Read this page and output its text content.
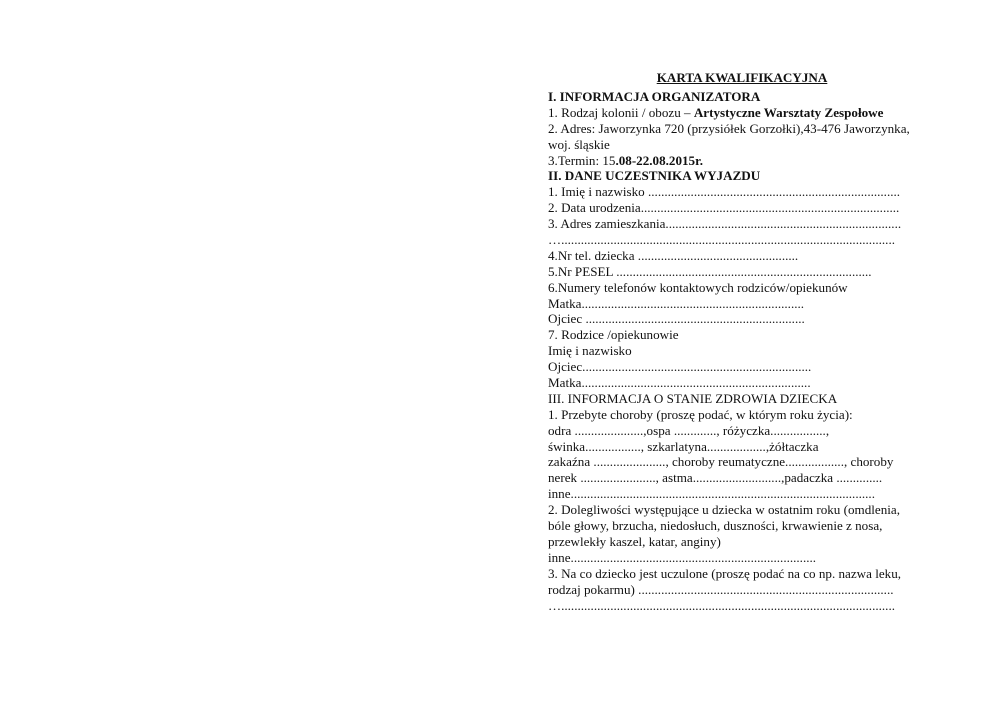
KARTA KWALIFIKACYJNA
I. INFORMACJA ORGANIZATORA
1. Rodzaj kolonii / obozu – Artystyczne Warsztaty Zespołowe
2. Adres: Jaworzynka 720 (przysiółek Gorzołki),43-476 Jaworzynka,
woj. śląskie
3.Termin: 15.08-22.08.2015r.
II. DANE UCZESTNIKA WYJAZDU
1. Imię i nazwisko .............................................................................
2. Data urodzenia...............................................................................
3. Adres zamieszkania........................................................................
…......................................................................................................
4.Nr tel. dziecka .................................................
5.Nr PESEL ..............................................................................
6.Numery telefonów kontaktowych rodziców/opiekunów
Matka....................................................................
Ojciec ...................................................................
7. Rodzice /opiekunowie
Imię i nazwisko
Ojciec......................................................................
Matka......................................................................
III. INFORMACJA O STANIE ZDROWIA DZIECKA
1. Przebyte choroby (proszę podać, w którym roku życia):
odra .....................,ospa ............., różyczka.................,
świnka................., szkarlatyna..................,żółtaczka
zakaźna ......................, choroby reumatyczne.................., choroby
nerek ......................., astma...........................,padaczka ..............
inne.............................................................................................
2. Dolegliwości występujące u dziecka w ostatnim roku (omdlenia,
bóle głowy, brzucha, niedosłuch, duszności, krwawienie z nosa,
przewlekły kaszel, katar, anginy)
inne...........................................................................
3. Na co dziecko jest uczulone (proszę podać na co np. nazwa leku,
rodzaj pokarmu) ..............................................................................
…......................................................................................................
